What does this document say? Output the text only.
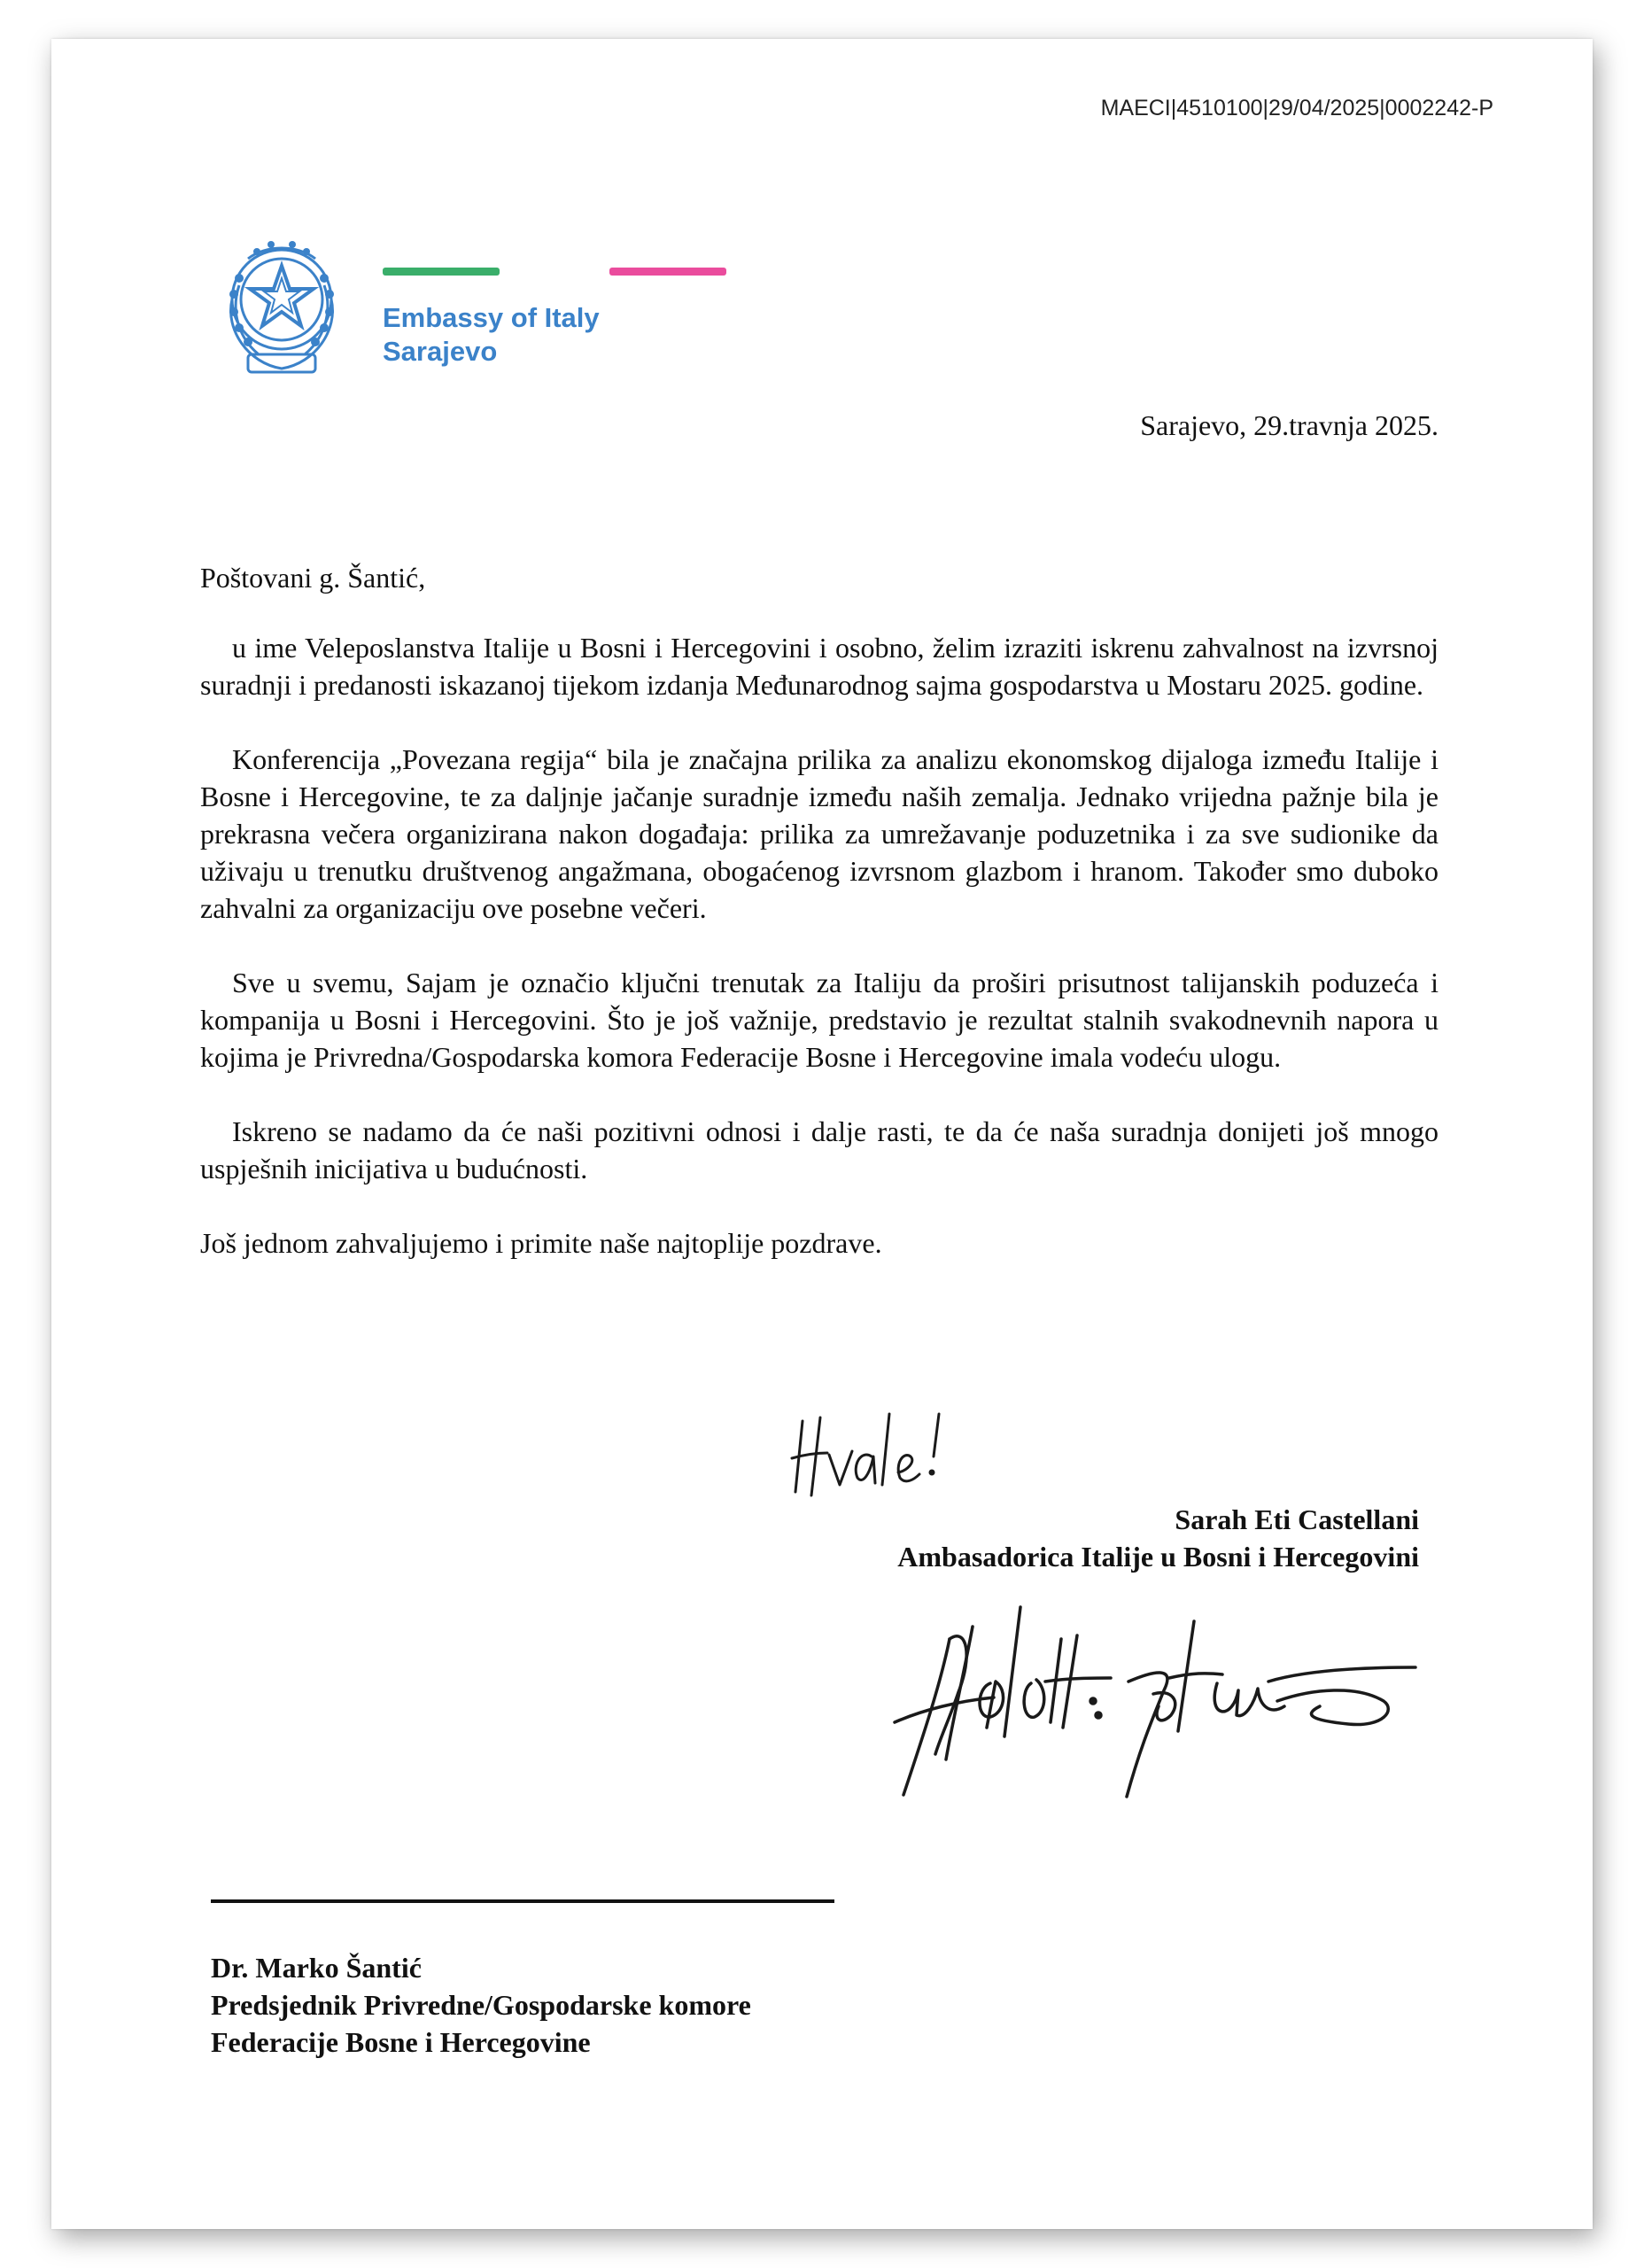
MAECI|4510100|29/04/2025|0002242-P
Embassy of Italy
Sarajevo
Sarajevo, 29.travnja 2025.
Poštovani g. Šantić,

u ime Veleposlanstva Italije u Bosni i Hercegovini i osobno, želim izraziti iskrenu zahvalnost na izvrsnoj suradnji i predanosti iskazanoj tijekom izdanja Međunarodnog sajma gospodarstva u Mostaru 2025. godine.

Konferencija „Povezana regija“ bila je značajna prilika za analizu ekonomskog dijaloga između Italije i Bosne i Hercegovine, te za daljnje jačanje suradnje između naših zemalja. Jednako vrijedna pažnje bila je prekrasna večera organizirana nakon događaja: prilika za umrežavanje poduzetnika i za sve sudionike da uživaju u trenutku društvenog angažmana, obogaćenog izvrsnom glazbom i hranom. Također smo duboko zahvalni za organizaciju ove posebne večeri.

Sve u svemu, Sajam je označio ključni trenutak za Italiju da proširi prisutnost talijanskih poduzeća i kompanija u Bosni i Hercegovini. Što je još važnije, predstavio je rezultat stalnih svakodnevnih napora u kojima je Privredna/Gospodarska komora Federacije Bosne i Hercegovine imala vodeću ulogu.

Iskreno se nadamo da će naši pozitivni odnosi i dalje rasti, te da će naša suradnja donijeti još mnogo uspješnih inicijativa u budućnosti.

Još jednom zahvaljujemo i primite naše najtoplije pozdrave.

Sarah Eti Castellani
Ambasadorica Italije u Bosni i Hercegovini
Dr. Marko Šantić
Predsjednik Privredne/Gospodarske komore
Federacije Bosne i Hercegovine
